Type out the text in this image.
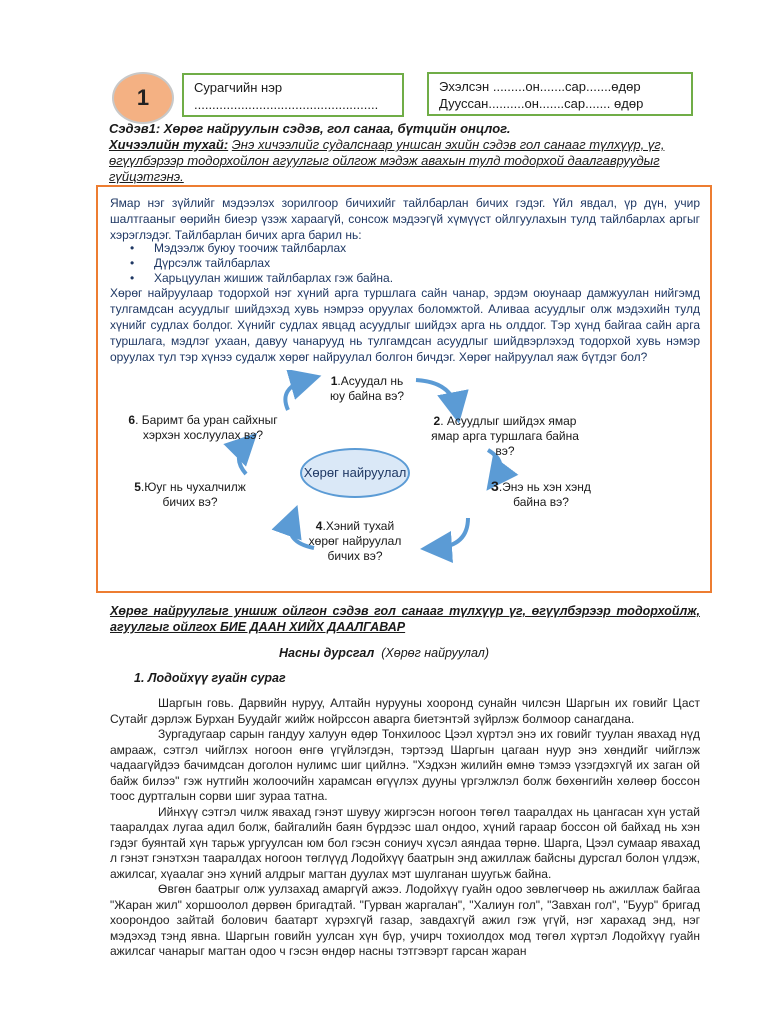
1	Сурагчийн нэр
...................................................
Эхэлсэн .........он.......сар.......өдөр
Дууссан..........он.......сар....... өдөр
Сэдэв1: Хөрөг найруулын сэдэв, гол санаа, бүтцийн онцлог.
Хичээлийн тухай: Энэ хичээлийг судалснаар уншсан эхийн сэдэв гол санааг түлхүүр, үг, өгүүлбэрээр тодорхойлон агуулгыг ойлгож мэдэж авахын тулд тодорхой даалгавруудыг гүйцэтгэнэ.
Ямар нэг зүйлийг мэдээлэх зорилгоор бичихийг тайлбарлан бичих гэдэг. Үйл явдал, үр дүн, учир шалтгааныг өөрийн биеэр үзэж хараагүй, сонсож мэдээгүй хүмүүст ойлгуулахын тулд тайлбарлах аргыг хэрэглэдэг. Тайлбарлан бичих арга барил нь:
• Мэдээлж буюу тоочиж тайлбарлах
• Дүрсэлж тайлбарлах
• Харьцуулан жишиж тайлбарлах гэж байна.
Хөрөг найруулаар тодорхой нэг хүний арга туршлага сайн чанар, эрдэм оюунаар дамжуулан нийгэмд тулгамдсан асуудлыг шийдэхэд хувь нэмрээ оруулах боломжтой. Аливаа асуудлыг олж мэдэхийн тулд хүнийг судлах болдог. Хүнийг судлах явцад асуудлыг шийдэх арга нь олддог. Тэр хүнд байгаа сайн арга туршлага, мэдлэг ухаан, давуу чанарууд нь тулгамдсан асуудлыг шийдвэрлэхэд тодорхой хувь нэмэр оруулах тул тэр хүнээ судалж хөрөг найруулал болгон бичдэг. Хөрөг найруулал яаж бүтдэг бол?
Хөрөг найруулал
1.Асуудал нь юу байна вэ?
2. Асуудлыг шийдэх ямар ямар арга туршлага байна вэ?
3.Энэ нь хэн хэнд байна вэ?
4.Хэний тухай хөрөг найруулал бичих вэ?
5.Юуг нь чухалчилж бичих вэ?
6. Баримт ба уран сайхныг хэрхэн хослуулах вэ?
Хөрөг найруулгыг уншиж ойлгон сэдэв гол санааг түлхүүр үг, өгүүлбэрээр тодорхойлж, агуулгыг ойлгох БИЕ ДААН ХИЙХ ДААЛГАВАР
Насны дурсгал (Хөрөг найруулал)
1. Лодойхүү гуайн сураг

Шаргын говь. Дарвийн нуруу, Алтайн нурууны хооронд сунайн чилсэн Шаргын их говийг Цаст Сутайг дэрлэж Бурхан Буудайг жийж нойрссон аварга биетэнтэй зүйрлэж болмоор санагдана.

Зургадугаар сарын гандуу халуун өдөр Тонхилоос Цээл хүртэл энэ их говийг туулан явахад нүд амрааж, сэтгэл чийглэх ногоон өнгө үгүйлэгдэн, тэртээд Шаргын цагаан нуур энэ хөндийг чийглэж чадаагүйдээ бачимдсан доголон нулимс шиг цийлнэ. "Хэдхэн жилийн өмнө тэмээ үзэгдэхгүй их заган ой байж билээ" гэж нутгийн жолоочийн харамсан өгүүлэх дууны үргэлжлэл болж бөхөнгийн хөлөөр боссон тоос дуртгалын сорви шиг зураа татна.

Ийнхүү сэтгэл чилж явахад гэнэт шувуу жиргэсэн ногоон төгөл тааралдах нь цангасан хүн устай тааралдах лугаа адил болж, байгалийн баян бүрдээс шал ондоо, хүний гараар боссон ой байхад нь хэн гэдэг буянтай хүн тарьж ургуулсан юм бол гэсэн сониуч хүсэл аяндаа төрнө. Шарга, Цээл сумаар явахад л гэнэт гэнэтхэн тааралдах ногоон төглүүд Лодойхүү баатрын энд ажиллаж байсны дурсгал болон үлдэж, ажилсаг, хүаалаг энэ хүний алдрыг магтан дуулах мэт шулганан шуугьж байна.

Өвгөн баатрыг олж уулзахад амаргүй ажээ. Лодойхүү гуайн одоо зөвлөгчөөр нь ажиллаж байгаа "Жаран жил" хоршоолол дөрвөн бригадтай. "Гурван жаргалан", "Халиун гол", "Завхан гол", "Буур" бригад хоорондоо зайтай болович баатарт хүрэхгүй газар, завдахгүй ажил гэж үгүй, нэг харахад энд, нэг мэдэхэд тэнд явна. Шаргын говийн уулсан хүн бүр, учирч тохиолдох мод төгөл хүртэл Лодойхүү гуайн ажилсаг чанарыг магтан одоо ч гэсэн өндөр насны тэтгэвэрт гарсан жаран
